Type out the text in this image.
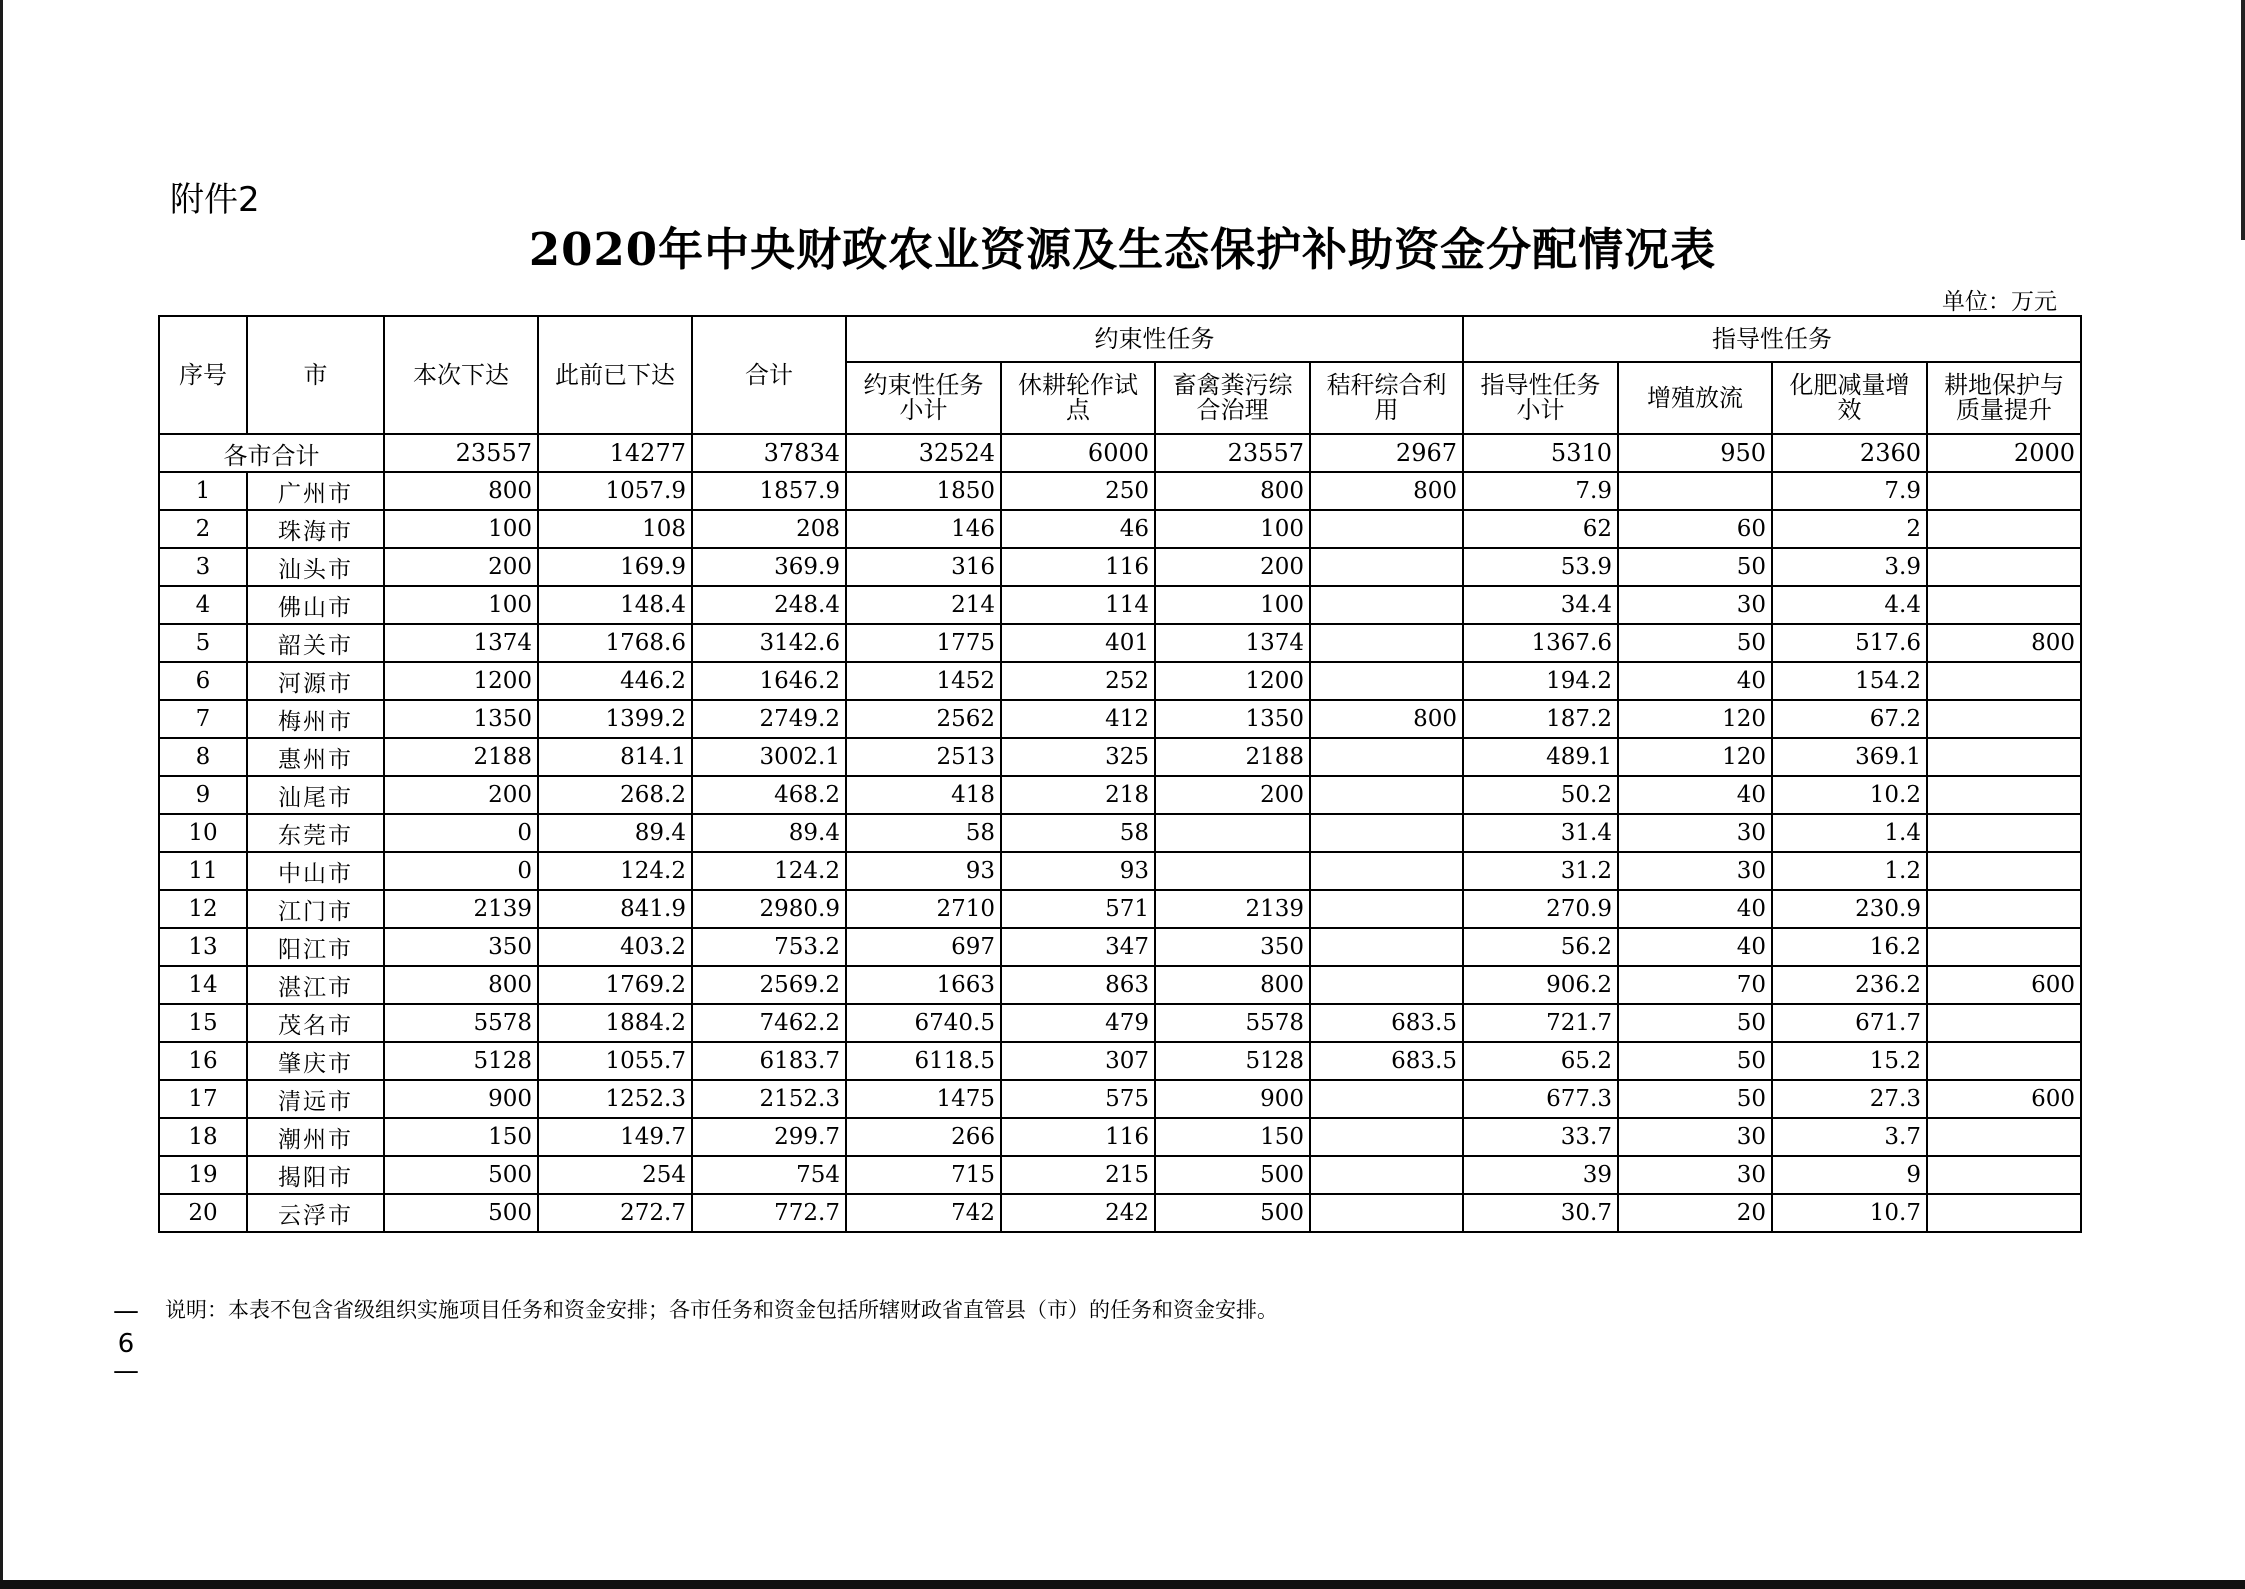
附件2
2020年中央财政农业资源及生态保护补助资金分配情况表
单位：万元
序号	市	本次下达	此前已下达	合计	约束性任务				指导性任务			
					约束性任务小计	休耕轮作试点	畜禽粪污综合治理	秸秆综合利用	指导性任务小计	增殖放流	化肥减量增效	耕地保护与质量提升
各市合计		23557	14277	37834	32524	6000	23557	2967	5310	950	2360	2000
1	广州市	800	1057.9	1857.9	1850	250	800	800	7.9		7.9	
2	珠海市	100	108	208	146	46	100		62	60	2	
3	汕头市	200	169.9	369.9	316	116	200		53.9	50	3.9	
4	佛山市	100	148.4	248.4	214	114	100		34.4	30	4.4	
5	韶关市	1374	1768.6	3142.6	1775	401	1374		1367.6	50	517.6	800
6	河源市	1200	446.2	1646.2	1452	252	1200		194.2	40	154.2	
7	梅州市	1350	1399.2	2749.2	2562	412	1350	800	187.2	120	67.2	
8	惠州市	2188	814.1	3002.1	2513	325	2188		489.1	120	369.1	
9	汕尾市	200	268.2	468.2	418	218	200		50.2	40	10.2	
10	东莞市	0	89.4	89.4	58	58			31.4	30	1.4	
11	中山市	0	124.2	124.2	93	93			31.2	30	1.2	
12	江门市	2139	841.9	2980.9	2710	571	2139		270.9	40	230.9	
13	阳江市	350	403.2	753.2	697	347	350		56.2	40	16.2	
14	湛江市	800	1769.2	2569.2	1663	863	800		906.2	70	236.2	600
15	茂名市	5578	1884.2	7462.2	6740.5	479	5578	683.5	721.7	50	671.7	
16	肇庆市	5128	1055.7	6183.7	6118.5	307	5128	683.5	65.2	50	15.2	
17	清远市	900	1252.3	2152.3	1475	575	900		677.3	50	27.3	600
18	潮州市	150	149.7	299.7	266	116	150		33.7	30	3.7	
19	揭阳市	500	254	754	715	215	500		39	30	9	
20	云浮市	500	272.7	772.7	742	242	500		30.7	20	10.7	
说明：本表不包含省级组织实施项目任务和资金安排；各市任务和资金包括所辖财政省直管县（市）的任务和资金安排。
—
9
—
